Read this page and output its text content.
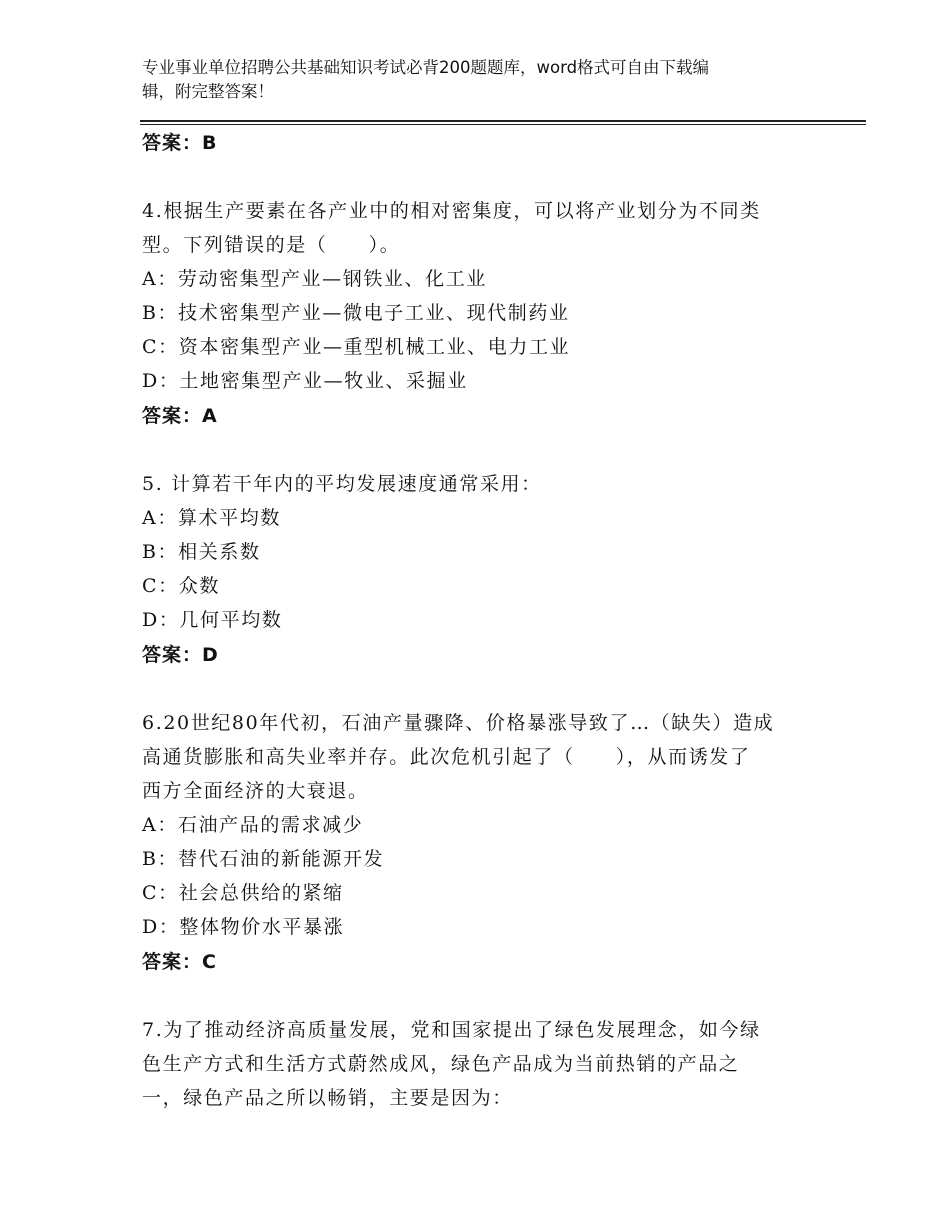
专业事业单位招聘公共基础知识考试必背200题题库，word格式可自由下载编
辑，附完整答案！
答案：B
4.根据生产要素在各产业中的相对密集度，可以将产业划分为不同类
型。下列错误的是（　　）。
A：劳动密集型产业—钢铁业、化工业
B：技术密集型产业—微电子工业、现代制药业
C：资本密集型产业—重型机械工业、电力工业
D：土地密集型产业—牧业、采掘业
答案：A
5. 计算若干年内的平均发展速度通常采用：
A：算术平均数
B：相关系数
C：众数
D：几何平均数
答案：D
6.20世纪80年代初，石油产量骤降、价格暴涨导致了…（缺失）造成
高通货膨胀和高失业率并存。此次危机引起了（　　），从而诱发了
西方全面经济的大衰退。
A：石油产品的需求减少
B：替代石油的新能源开发
C：社会总供给的紧缩
D：整体物价水平暴涨
答案：C
7.为了推动经济高质量发展，党和国家提出了绿色发展理念，如今绿
色生产方式和生活方式蔚然成风，绿色产品成为当前热销的产品之
一，绿色产品之所以畅销，主要是因为：
